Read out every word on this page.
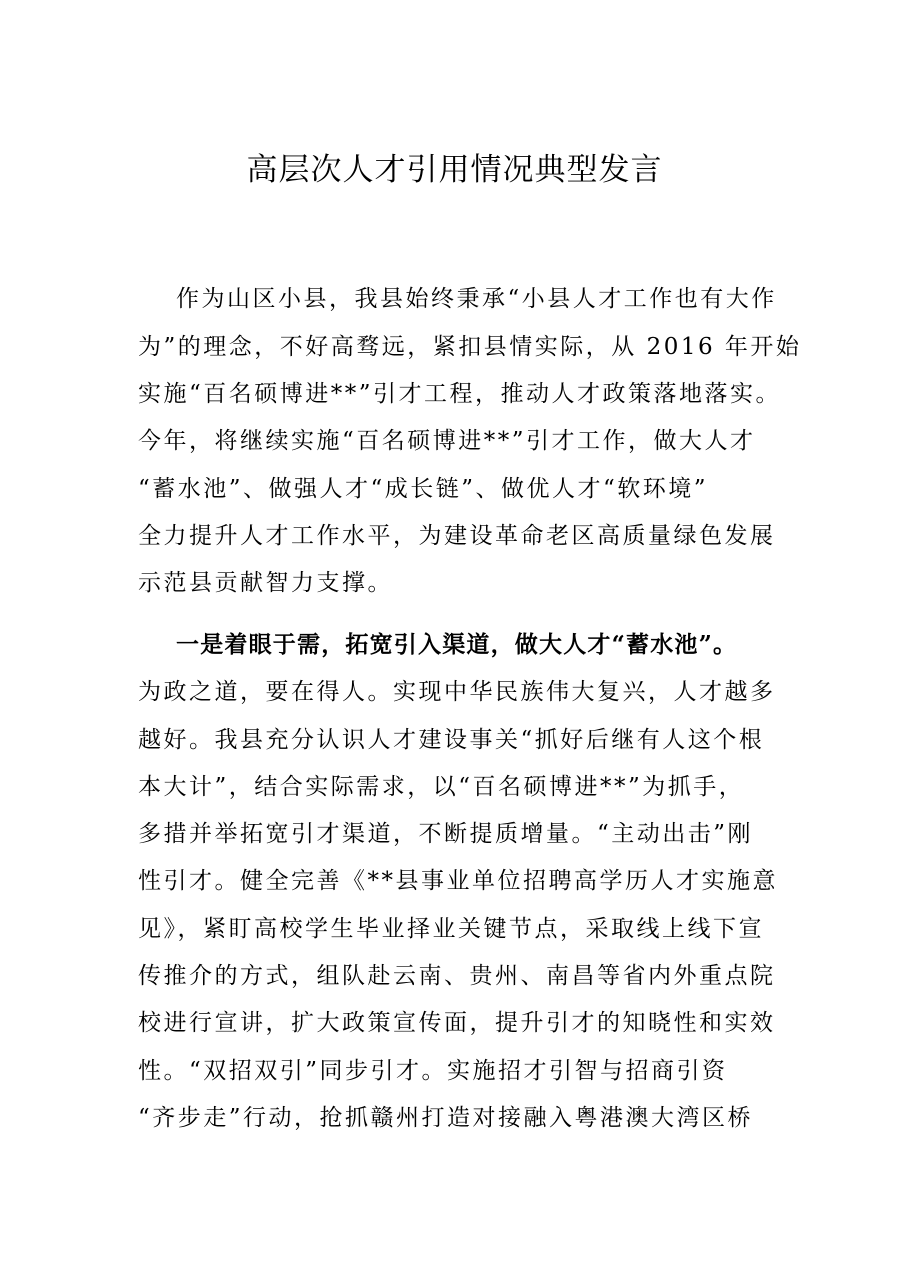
高层次人才引用情况典型发言

作为山区小县，我县始终秉承“小县人才工作也有大作

为”的理念，不好高骛远，紧扣县情实际，从 2016 年开始

实施“百名硕博进**”引才工程，推动人才政策落地落实。

今年，将继续实施“百名硕博进**”引才工作，做大人才

“蓄水池”、做强人才“成长链”、做优人才“软环境”

全力提升人才工作水平，为建设革命老区高质量绿色发展

示范县贡献智力支撑。

一是着眼于需，拓宽引入渠道，做大人才“蓄水池”。

为政之道，要在得人。实现中华民族伟大复兴，人才越多

越好。我县充分认识人才建设事关“抓好后继有人这个根

本大计”，结合实际需求，以“百名硕博进**”为抓手，

多措并举拓宽引才渠道，不断提质增量。“主动出击”刚

性引才。健全完善《**县事业单位招聘高学历人才实施意

见》，紧盯高校学生毕业择业关键节点，采取线上线下宣

传推介的方式，组队赴云南、贵州、南昌等省内外重点院

校进行宣讲，扩大政策宣传面，提升引才的知晓性和实效

性。“双招双引”同步引才。实施招才引智与招商引资

“齐步走”行动，抢抓赣州打造对接融入粤港澳大湾区桥
